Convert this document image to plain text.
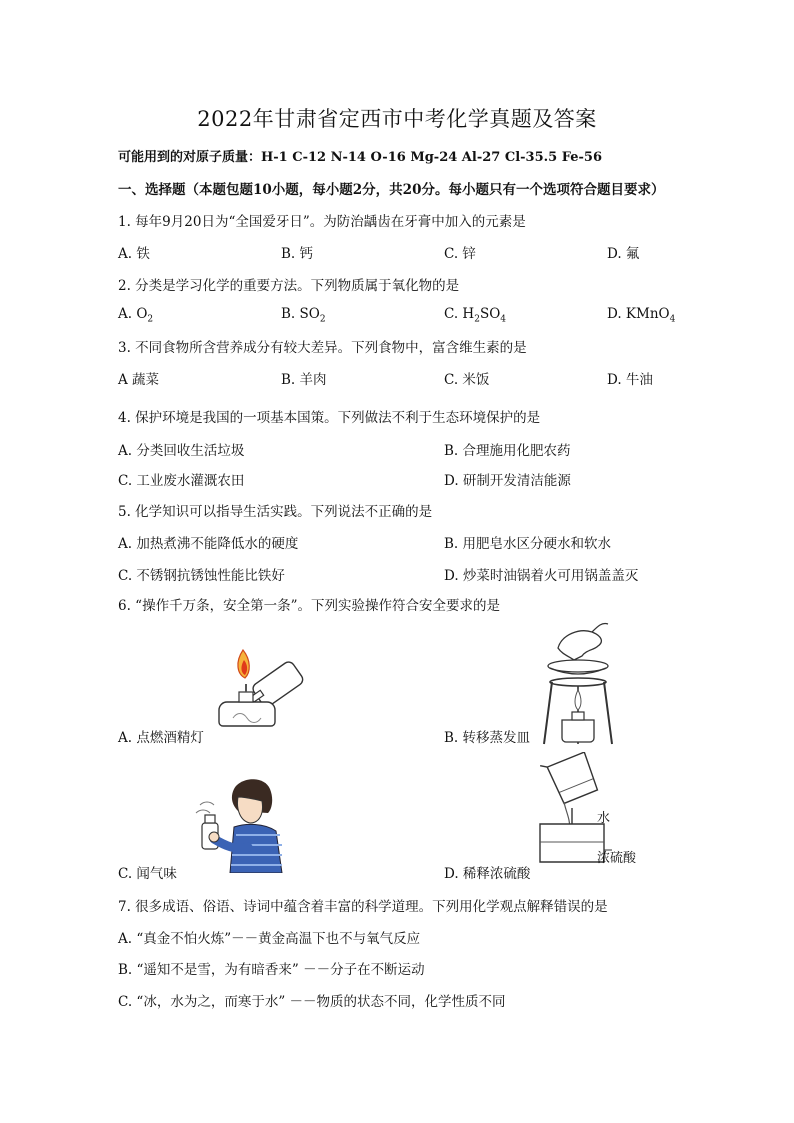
2022年甘肃省定西市中考化学真题及答案
可能用到的对原子质量：H-1 C-12 N-14 O-16 Mg-24 Al-27 Cl-35.5 Fe-56
一、选择题（本题包题10小题，每小题2分，共20分。每小题只有一个选项符合题目要求）
1. 每年9月20日为“全国爱牙日”。为防治龋齿在牙膏中加入的元素是
A. 铁	B. 钙	C. 锌	D. 氟
2. 分类是学习化学的重要方法。下列物质属于氧化物的是
A. $O_2$	B. $SO_2$	C. $H_2SO_4$	D. KMnO$_4$
3. 不同食物所含营养成分有较大差异。下列食物中，富含维生素的是
A 蔬菜	B. 羊肉	C. 米饭	D. 牛油
4. 保护环境是我国的一项基本国策。下列做法不利于生态环境保护的是
A. 分类回收生活垃圾	B. 合理施用化肥农药
C. 工业废水灌溉农田	D. 研制开发清洁能源
5. 化学知识可以指导生活实践。下列说法不正确的是
A. 加热煮沸不能降低水的硬度	B. 用肥皂水区分硬水和软水
C. 不锈钢抗锈蚀性能比铁好	D. 炒菜时油锅着火可用锅盖盖灭
6. “操作千万条，安全第一条”。下列实验操作符合安全要求的是
A. 点燃酒精灯	B. 转移蒸发皿
C. 闻气味
水
浓硫酸
D. 稀释浓硫酸
7. 很多成语、俗语、诗词中蕴含着丰富的科学道理。下列用化学观点解释错误的是
A. “真金不怕火炼”－－黄金高温下也不与氧气反应
B. “遥知不是雪，为有暗香来” －－分子在不断运动
C. “冰，水为之，而寒于水” －－物质的状态不同，化学性质不同
